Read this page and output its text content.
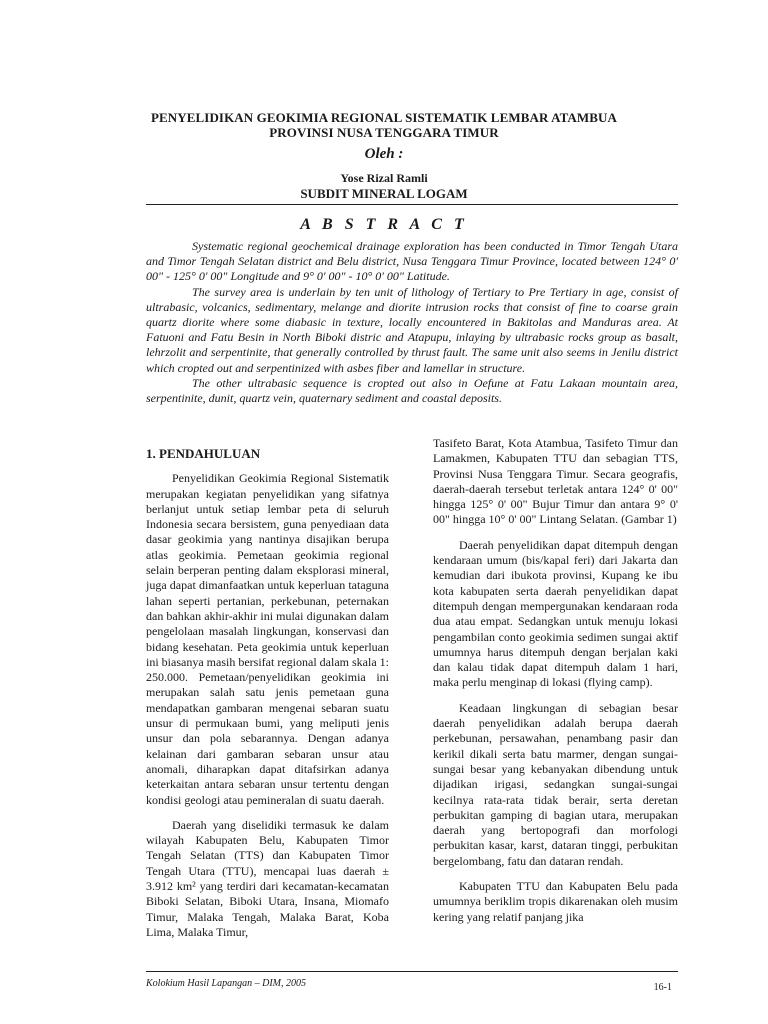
PENYELIDIKAN GEOKIMIA REGIONAL SISTEMATIK LEMBAR ATAMBUA
PROVINSI NUSA TENGGARA TIMUR
Oleh :
Yose Rizal Ramli
SUBDIT MINERAL LOGAM
A B S T R A C T

Systematic regional geochemical drainage exploration has been conducted in Timor Tengah Utara and Timor Tengah Selatan district and Belu district, Nusa Tenggara Timur Province, located between 124° 0' 00" - 125° 0' 00" Longitude and 9° 0' 00" - 10° 0' 00" Latitude.

The survey area is underlain by ten unit of lithology of Tertiary to Pre Tertiary in age, consist of ultrabasic, volcanics, sedimentary, melange and diorite intrusion rocks that consist of fine to coarse grain quartz diorite where some diabasic in texture, locally encountered in Bakitolas and Manduras area. At Fatuoni and Fatu Besin in North Biboki distric and Atapupu, inlaying by ultrabasic rocks group as basalt, lehrzolit and serpentinite, that generally controlled by thrust fault. The same unit also seems in Jenilu district which cropted out and serpentinized with asbes fiber and lamellar in structure.

The other ultrabasic sequence is cropted out also in Oefune at Fatu Lakaan mountain area, serpentinite, dunit, quartz vein, quaternary sediment and coastal deposits.

1. PENDAHULUAN

Penyelidikan Geokimia Regional Sistematik merupakan kegiatan penyelidikan yang sifatnya berlanjut untuk setiap lembar peta di seluruh Indonesia secara bersistem, guna penyediaan data dasar geokimia yang nantinya disajikan berupa atlas geokimia. Pemetaan geokimia regional selain berperan penting dalam eksplorasi mineral, juga dapat dimanfaatkan untuk keperluan tataguna lahan seperti pertanian, perkebunan, peternakan dan bahkan akhir-akhir ini mulai digunakan dalam pengelolaan masalah lingkungan, konservasi dan bidang kesehatan. Peta geokimia untuk keperluan ini biasanya masih bersifat regional dalam skala 1: 250.000. Pemetaan/penyelidikan geokimia ini merupakan salah satu jenis pemetaan guna mendapatkan gambaran mengenai sebaran suatu unsur di permukaan bumi, yang meliputi jenis unsur dan pola sebarannya. Dengan adanya kelainan dari gambaran sebaran unsur atau anomali, diharapkan dapat ditafsirkan adanya keterkaitan antara sebaran unsur tertentu dengan kondisi geologi atau pemineralan di suatu daerah.

Daerah yang diselidiki termasuk ke dalam wilayah Kabupaten Belu, Kabupaten Timor Tengah Selatan (TTS) dan Kabupaten Timor Tengah Utara (TTU), mencapai luas daerah ± 3.912 km² yang terdiri dari kecamatan-kecamatan Biboki Selatan, Biboki Utara, Insana, Miomafo Timur, Malaka Tengah, Malaka Barat, Koba Lima, Malaka Timur,

Tasifeto Barat, Kota Atambua, Tasifeto Timur dan Lamakmen, Kabupaten TTU dan sebagian TTS, Provinsi Nusa Tenggara Timur. Secara geografis, daerah-daerah tersebut terletak antara 124° 0' 00" hingga 125° 0' 00" Bujur Timur dan antara 9° 0' 00" hingga 10° 0' 00" Lintang Selatan. (Gambar 1)

Daerah penyelidikan dapat ditempuh dengan kendaraan umum (bis/kapal feri) dari Jakarta dan kemudian dari ibukota provinsi, Kupang ke ibu kota kabupaten serta daerah penyelidikan dapat ditempuh dengan mempergunakan kendaraan roda dua atau empat. Sedangkan untuk menuju lokasi pengambilan conto geokimia sedimen sungai aktif umumnya harus ditempuh dengan berjalan kaki dan kalau tidak dapat ditempuh dalam 1 hari, maka perlu menginap di lokasi (flying camp).

Keadaan lingkungan di sebagian besar daerah penyelidikan adalah berupa daerah perkebunan, persawahan, penambang pasir dan kerikil dikali serta batu marmer, dengan sungai-sungai besar yang kebanyakan dibendung untuk dijadikan irigasi, sedangkan sungai-sungai kecilnya rata-rata tidak berair, serta deretan perbukitan gamping di bagian utara, merupakan daerah yang bertopografi dan morfologi perbukitan kasar, karst, dataran tinggi, perbukitan bergelombang, fatu dan dataran rendah.

Kabupaten TTU dan Kabupaten Belu pada umumnya beriklim tropis dikarenakan oleh musim kering yang relatif panjang jika

Kolokium Hasil Lapangan – DIM, 2005	16-1
